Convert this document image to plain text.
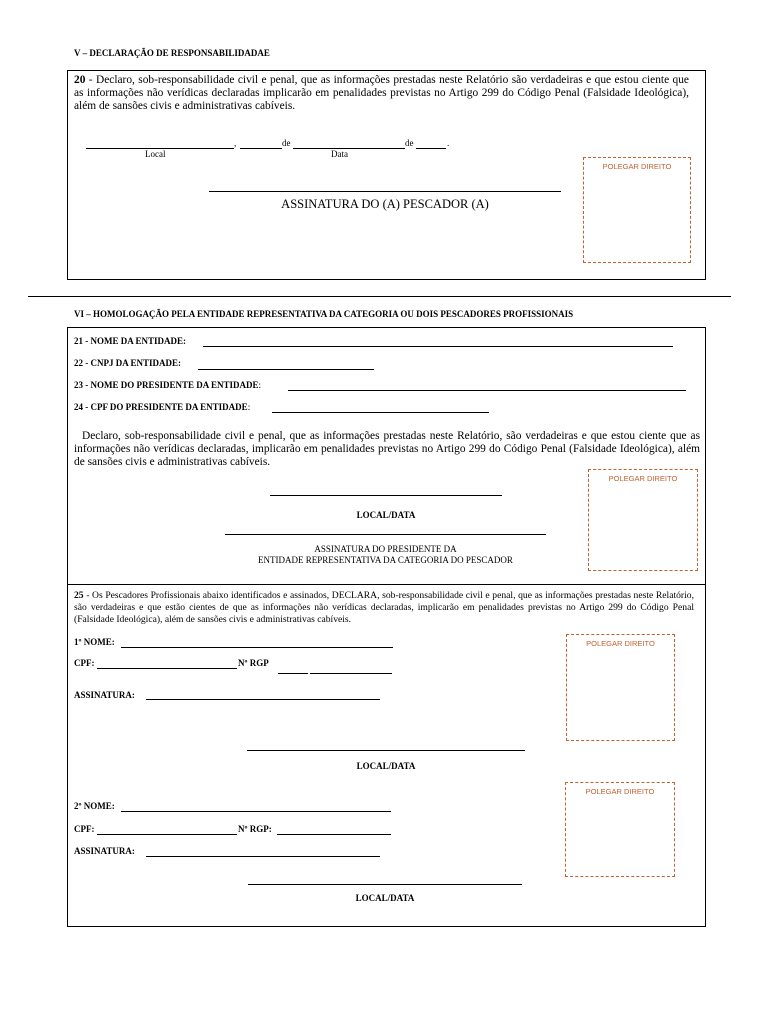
V – DECLARAÇÃO DE RESPONSABILIDADAE
20 - Declaro, sob-responsabilidade civil e penal, que as informações prestadas neste Relatório são verdadeiras e que estou ciente que as informações não verídicas declaradas implicarão em penalidades previstas no Artigo 299 do Código Penal (Falsidade Ideológica), além de sansões civis e administrativas cabíveis.
,	de	de	.
Local	Data
POLEGAR DIREITO
ASSINATURA DO (A) PESCADOR (A)
VI – HOMOLOGAÇÃO PELA ENTIDADE REPRESENTATIVA DA CATEGORIA OU DOIS PESCADORES PROFISSIONAIS
21 - NOME DA ENTIDADE:
22 - CNPJ DA ENTIDADE:
23 - NOME DO PRESIDENTE DA ENTIDADE:
24 - CPF DO PRESIDENTE DA ENTIDADE:
Declaro, sob-responsabilidade civil e penal, que as informações prestadas neste Relatório, são verdadeiras e que estou ciente que as informações não verídicas declaradas, implicarão em penalidades previstas no Artigo 299 do Código Penal (Falsidade Ideológica), além de sansões civis e administrativas cabíveis.
POLEGAR DIREITO
LOCAL/DATA
ASSINATURA DO PRESIDENTE DA
ENTIDADE REPRESENTATIVA DA CATEGORIA DO PESCADOR
25 - Os Pescadores Profissionais abaixo identificados e assinados, DECLARA, sob-responsabilidade civil e penal, que as informações prestadas neste Relatório, são verdadeiras e que estão cientes de que as informações não verídicas declaradas, implicarão em penalidades previstas no Artigo 299 do Código Penal (Falsidade Ideológica), além de sansões civis e administrativas cabíveis.
1º NOME:
CPF:	Nº RGP
ASSINATURA:
POLEGAR DIREITO
LOCAL/DATA
POLEGAR DIREITO
2º NOME:
CPF:	Nº RGP:
ASSINATURA:
LOCAL/DATA
